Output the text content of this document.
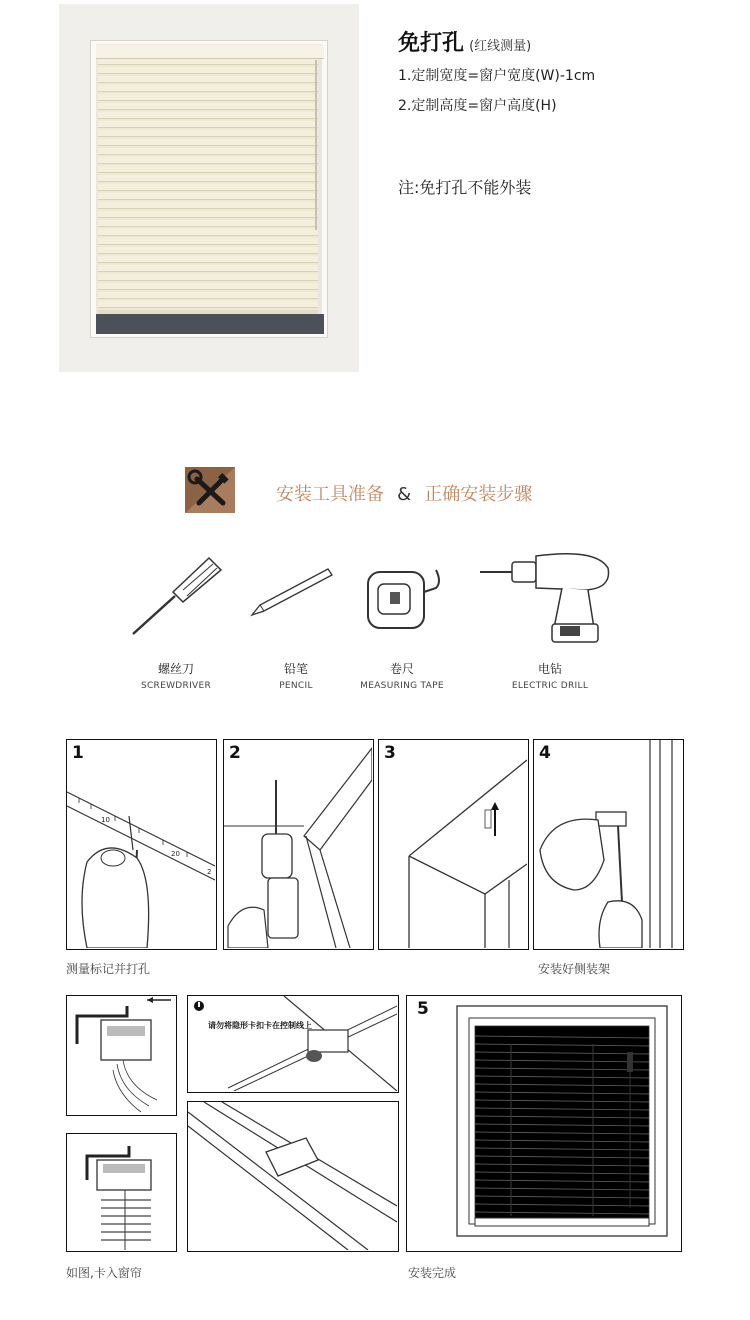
免打孔 (红线测量)
1.定制宽度=窗户宽度(W)-1cm
2.定制高度=窗户高度(H)
注:免打孔不能外装
安装工具准备 & 正确安装步骤
螺丝刀
SCREWDRIVER
铅笔
PENCIL
卷尺
MEASURING TAPE
电钻
ELECTRIC DRILL
1
10
20
2
2	3	4
测量标记并打孔	安装好侧装架
请勿将隐形卡扣卡在控制线上
5
如图,卡入窗帘	安装完成
